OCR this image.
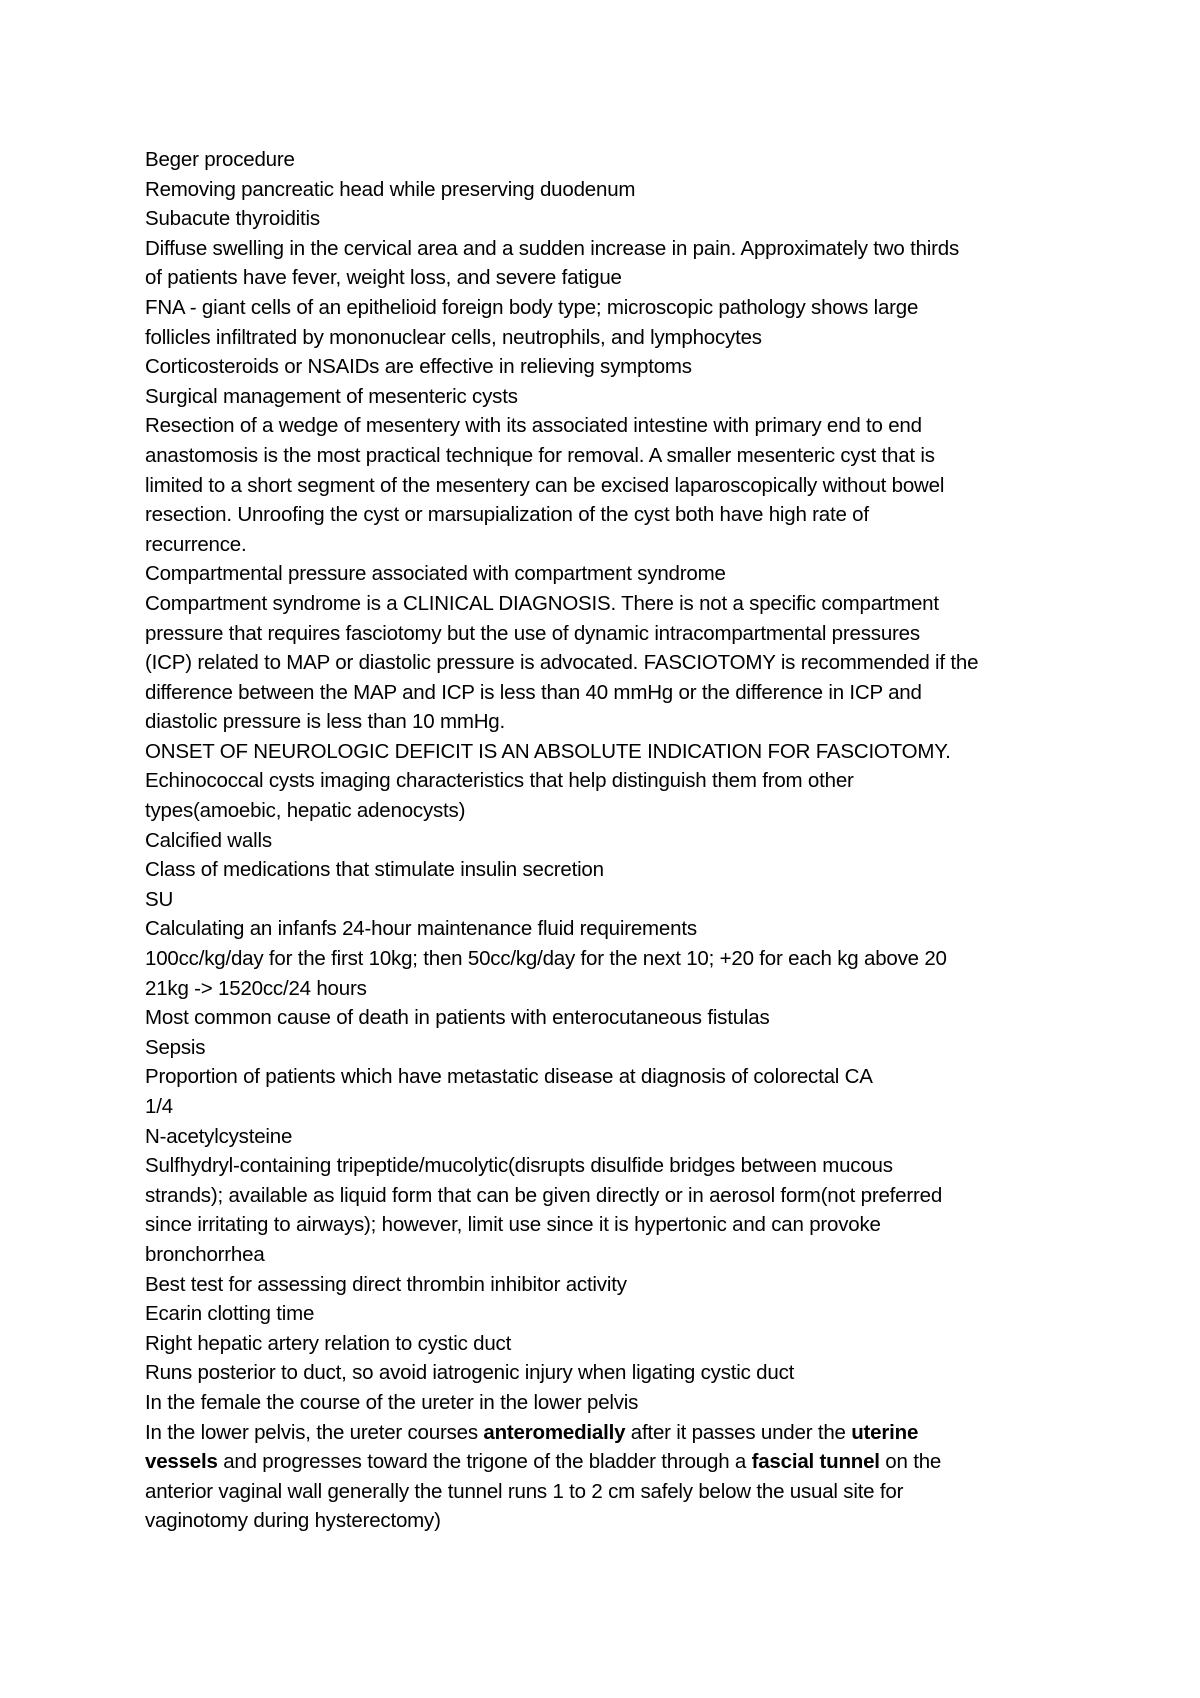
Beger procedure
Removing pancreatic head while preserving duodenum
Subacute thyroiditis
Diffuse swelling in the cervical area and a sudden increase in pain. Approximately two thirds
of patients have fever, weight loss, and severe fatigue
FNA - giant cells of an epithelioid foreign body type; microscopic pathology shows large
follicles infiltrated by mononuclear cells, neutrophils, and lymphocytes
Corticosteroids or NSAIDs are effective in relieving symptoms
Surgical management of mesenteric cysts
Resection of a wedge of mesentery with its associated intestine with primary end to end
anastomosis is the most practical technique for removal. A smaller mesenteric cyst that is
limited to a short segment of the mesentery can be excised laparoscopically without bowel
resection. Unroofing the cyst or marsupialization of the cyst both have high rate of
recurrence.
Compartmental pressure associated with compartment syndrome
Compartment syndrome is a CLINICAL DIAGNOSIS. There is not a specific compartment
pressure that requires fasciotomy but the use of dynamic intracompartmental pressures
(ICP) related to MAP or diastolic pressure is advocated. FASCIOTOMY is recommended if the
difference between the MAP and ICP is less than 40 mmHg or the difference in ICP and
diastolic pressure is less than 10 mmHg.
ONSET OF NEUROLOGIC DEFICIT IS AN ABSOLUTE INDICATION FOR FASCIOTOMY.
Echinococcal cysts imaging characteristics that help distinguish them from other
types(amoebic, hepatic adenocysts)
Calcified walls
Class of medications that stimulate insulin secretion
SU
Calculating an infanfs 24-hour maintenance fluid requirements
100cc/kg/day for the first 10kg; then 50cc/kg/day for the next 10; +20 for each kg above 20
21kg -> 1520cc/24 hours
Most common cause of death in patients with enterocutaneous fistulas
Sepsis
Proportion of patients which have metastatic disease at diagnosis of colorectal CA
1/4
N-acetylcysteine
Sulfhydryl-containing tripeptide/mucolytic(disrupts disulfide bridges between mucous
strands); available as liquid form that can be given directly or in aerosol form(not preferred
since irritating to airways); however, limit use since it is hypertonic and can provoke
bronchorrhea
Best test for assessing direct thrombin inhibitor activity
Ecarin clotting time
Right hepatic artery relation to cystic duct
Runs posterior to duct, so avoid iatrogenic injury when ligating cystic duct
In the female the course of the ureter in the lower pelvis
In the lower pelvis, the ureter courses anteromedially after it passes under the uterine
vessels and progresses toward the trigone of the bladder through a fascial tunnel on the
anterior vaginal wall generally the tunnel runs 1 to 2 cm safely below the usual site for
vaginotomy during hysterectomy)
